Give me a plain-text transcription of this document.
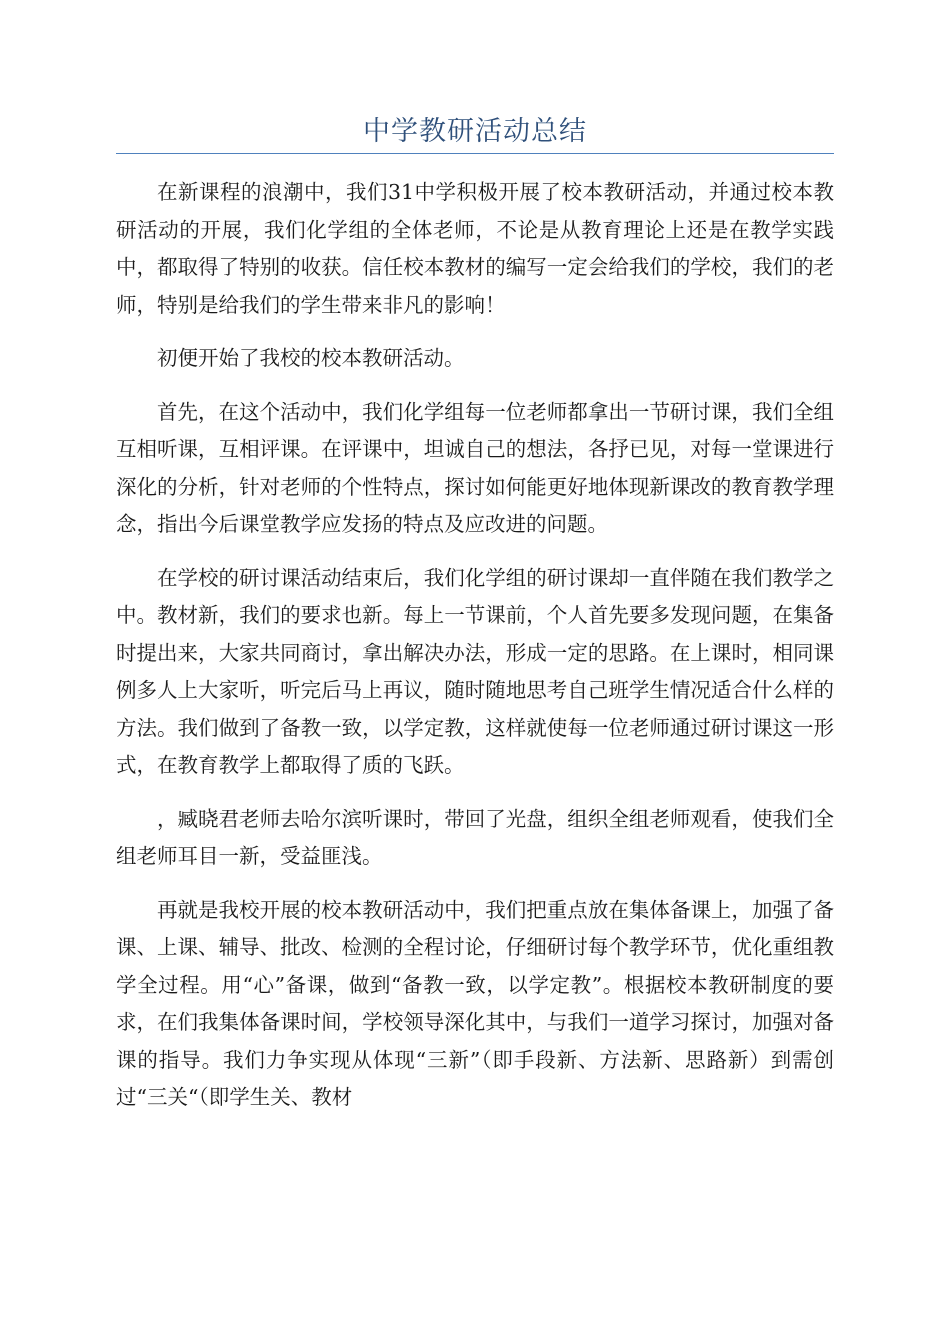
中学教研活动总结

在新课程的浪潮中，我们31中学积极开展了校本教研活动，并通过校本教研活动的开展，我们化学组的全体老师，不论是从教育理论上还是在教学实践中，都取得了特别的收获。信任校本教材的编写一定会给我们的学校，我们的老师，特别是给我们的学生带来非凡的影响！

初便开始了我校的校本教研活动。

首先，在这个活动中，我们化学组每一位老师都拿出一节研讨课，我们全组互相听课，互相评课。在评课中，坦诚自己的想法，各抒已见，对每一堂课进行深化的分析，针对老师的个性特点，探讨如何能更好地体现新课改的教育教学理念，指出今后课堂教学应发扬的特点及应改进的问题。

在学校的研讨课活动结束后，我们化学组的研讨课却一直伴随在我们教学之中。教材新，我们的要求也新。每上一节课前，个人首先要多发现问题，在集备时提出来，大家共同商讨，拿出解决办法，形成一定的思路。在上课时，相同课例多人上大家听，听完后马上再议，随时随地思考自己班学生情况适合什么样的方法。我们做到了备教一致，以学定教，这样就使每一位老师通过研讨课这一形式，在教育教学上都取得了质的飞跃。

，臧晓君老师去哈尔滨听课时，带回了光盘，组织全组老师观看，使我们全组老师耳目一新，受益匪浅。

再就是我校开展的校本教研活动中，我们把重点放在集体备课上，加强了备课、上课、辅导、批改、检测的全程讨论，仔细研讨每个教学环节，优化重组教学全过程。用“心”备课，做到“备教一致，以学定教”。根据校本教研制度的要求，在们我集体备课时间，学校领导深化其中，与我们一道学习探讨，加强对备课的指导。我们力争实现从体现“三新”（即手段新、方法新、思路新）到需创过“三关“（即学生关、教材
